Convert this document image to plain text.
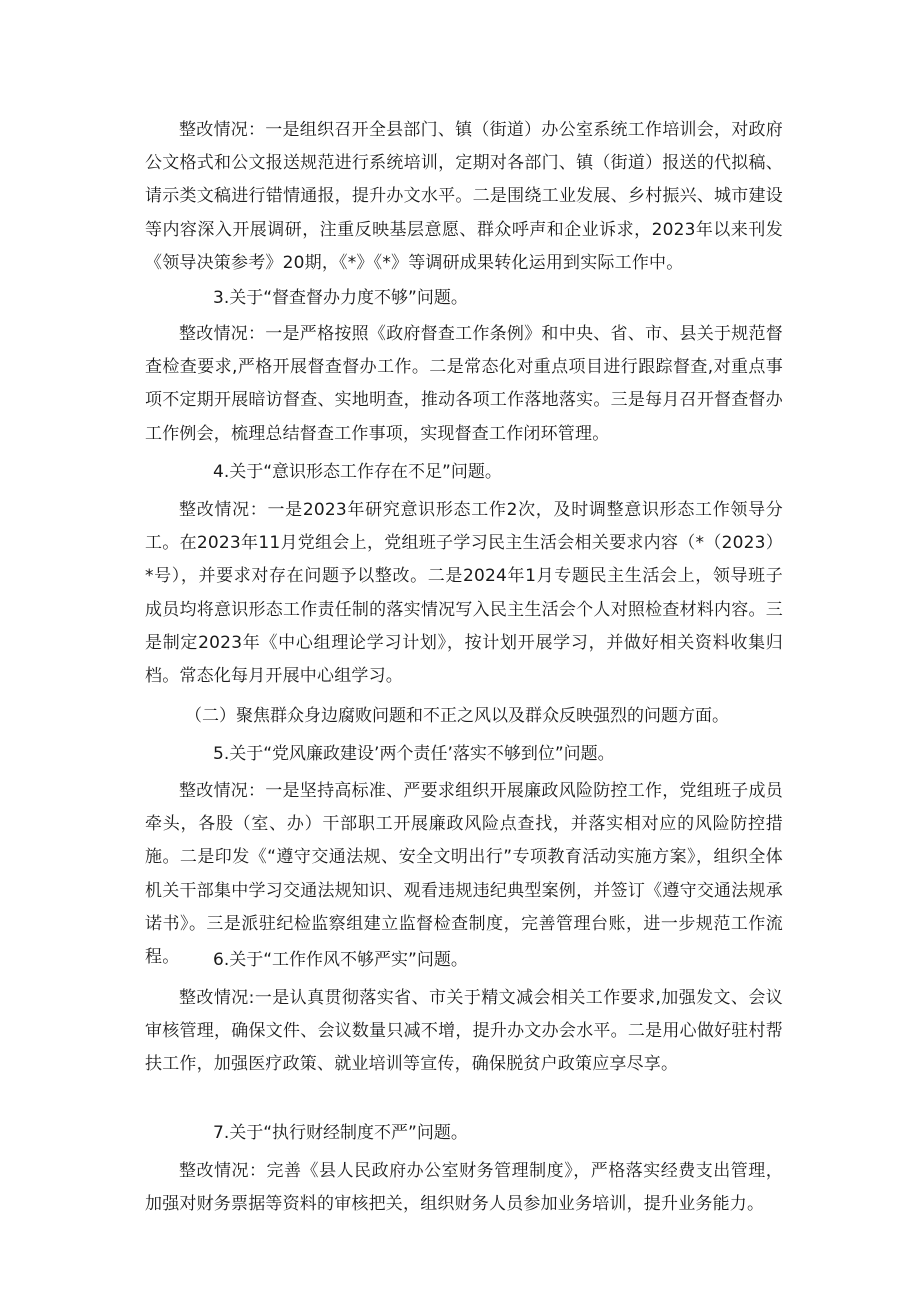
整改情况：一是组织召开全县部门、镇（街道）办公室系统工作培训会，对政府公文格式和公文报送规范进行系统培训，定期对各部门、镇（街道）报送的代拟稿、请示类文稿进行错情通报，提升办文水平。二是围绕工业发展、乡村振兴、城市建设等内容深入开展调研，注重反映基层意愿、群众呼声和企业诉求，2023年以来刊发《领导决策参考》20期，《*》《*》等调研成果转化运用到实际工作中。

3.关于“督查督办力度不够”问题。

整改情况：一是严格按照《政府督查工作条例》和中央、省、市、县关于规范督查检查要求,严格开展督查督办工作。二是常态化对重点项目进行跟踪督查,对重点事项不定期开展暗访督查、实地明查，推动各项工作落地落实。三是每月召开督查督办工作例会，梳理总结督查工作事项，实现督查工作闭环管理。

4.关于“意识形态工作存在不足”问题。

整改情况：一是2023年研究意识形态工作2次，及时调整意识形态工作领导分工。在2023年11月党组会上，党组班子学习民主生活会相关要求内容（*（2023）*号），并要求对存在问题予以整改。二是2024年1月专题民主生活会上，领导班子成员均将意识形态工作责任制的落实情况写入民主生活会个人对照检查材料内容。三是制定2023年《中心组理论学习计划》，按计划开展学习，并做好相关资料收集归档。常态化每月开展中心组学习。

（二）聚焦群众身边腐败问题和不正之风以及群众反映强烈的问题方面。

5.关于“党风廉政建设’两个责任’落实不够到位”问题。

整改情况：一是坚持高标准、严要求组织开展廉政风险防控工作，党组班子成员牵头，各股（室、办）干部职工开展廉政风险点查找，并落实相对应的风险防控措施。二是印发《“遵守交通法规、安全文明出行”专项教育活动实施方案》，组织全体机关干部集中学习交通法规知识、观看违规违纪典型案例，并签订《遵守交通法规承诺书》。三是派驻纪检监察组建立监督检查制度，完善管理台账，进一步规范工作流程。	6.关于“工作作风不够严实”问题。

整改情况:一是认真贯彻落实省、市关于精文减会相关工作要求,加强发文、会议审核管理，确保文件、会议数量只减不增，提升办文办会水平。二是用心做好驻村帮扶工作，加强医疗政策、就业培训等宣传，确保脱贫户政策应享尽享。

7.关于“执行财经制度不严”问题。

整改情况：完善《县人民政府办公室财务管理制度》，严格落实经费支出管理，加强对财务票据等资料的审核把关，组织财务人员参加业务培训，提升业务能力。
